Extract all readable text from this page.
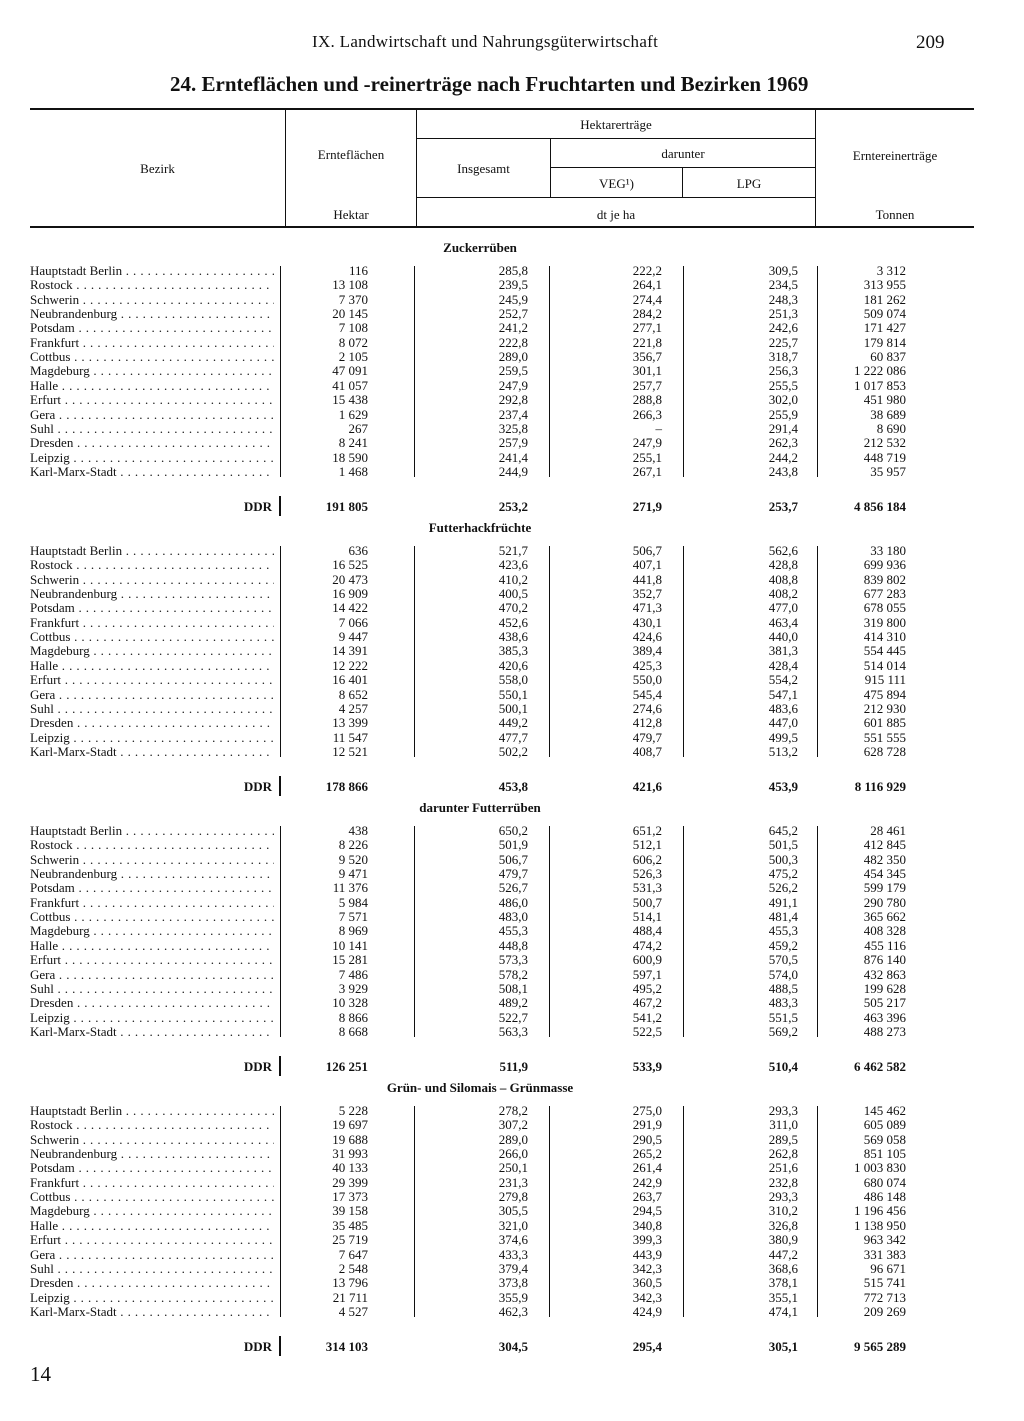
IX. Landwirtschaft und Nahrungsgüterwirtschaft	209
24. Ernteflächen und -reinerträge nach Fruchtarten und Bezirken 1969
Bezirk
Ernteflächen
Hektar
Hektarerträge
Insgesamt
darunter
VEG¹)	LPG
dt je ha
Erntereinerträge
Tonnen
Zuckerrüben
Hauptstadt Berlin . . .	116	285,8	222,2	309,5	3 312
Rostock . . .	13 108	239,5	264,1	234,5	313 955
Schwerin . . .	7 370	245,9	274,4	248,3	181 262
Neubrandenburg . . .	20 145	252,7	284,2	251,3	509 074
Potsdam . . .	7 108	241,2	277,1	242,6	171 427
Frankfurt . . .	8 072	222,8	221,8	225,7	179 814
Cottbus . . .	2 105	289,0	356,7	318,7	60 837
Magdeburg . . .	47 091	259,5	301,1	256,3	1 222 086
Halle . . .	41 057	247,9	257,7	255,5	1 017 853
Erfurt . . .	15 438	292,8	288,8	302,0	451 980
Gera . . .	1 629	237,4	266,3	255,9	38 689
Suhl . . .	267	325,8	–	291,4	8 690
Dresden . . .	8 241	257,9	247,9	262,3	212 532
Leipzig . . .	18 590	241,4	255,1	244,2	448 719
Karl-Marx-Stadt . . .	1 468	244,9	267,1	243,8	35 957
DDR	191 805	253,2	271,9	253,7	4 856 184
Futterhackfrüchte
Hauptstadt Berlin . . .	636	521,7	506,7	562,6	33 180
Rostock . . .	16 525	423,6	407,1	428,8	699 936
Schwerin . . .	20 473	410,2	441,8	408,8	839 802
Neubrandenburg . . .	16 909	400,5	352,7	408,2	677 283
Potsdam . . .	14 422	470,2	471,3	477,0	678 055
Frankfurt . . .	7 066	452,6	430,1	463,4	319 800
Cottbus . . .	9 447	438,6	424,6	440,0	414 310
Magdeburg . . .	14 391	385,3	389,4	381,3	554 445
Halle . . .	12 222	420,6	425,3	428,4	514 014
Erfurt . . .	16 401	558,0	550,0	554,2	915 111
Gera . . .	8 652	550,1	545,4	547,1	475 894
Suhl . . .	4 257	500,1	274,6	483,6	212 930
Dresden . . .	13 399	449,2	412,8	447,0	601 885
Leipzig . . .	11 547	477,7	479,7	499,5	551 555
Karl-Marx-Stadt . . .	12 521	502,2	408,7	513,2	628 728
DDR	178 866	453,8	421,6	453,9	8 116 929
darunter Futterrüben
Hauptstadt Berlin . . .	438	650,2	651,2	645,2	28 461
Rostock . . .	8 226	501,9	512,1	501,5	412 845
Schwerin . . .	9 520	506,7	606,2	500,3	482 350
Neubrandenburg . . .	9 471	479,7	526,3	475,2	454 345
Potsdam . . .	11 376	526,7	531,3	526,2	599 179
Frankfurt . . .	5 984	486,0	500,7	491,1	290 780
Cottbus . . .	7 571	483,0	514,1	481,4	365 662
Magdeburg . . .	8 969	455,3	488,4	455,3	408 328
Halle . . .	10 141	448,8	474,2	459,2	455 116
Erfurt . . .	15 281	573,3	600,9	570,5	876 140
Gera . . .	7 486	578,2	597,1	574,0	432 863
Suhl . . .	3 929	508,1	495,2	488,5	199 628
Dresden . . .	10 328	489,2	467,2	483,3	505 217
Leipzig . . .	8 866	522,7	541,2	551,5	463 396
Karl-Marx-Stadt . . .	8 668	563,3	522,5	569,2	488 273
DDR	126 251	511,9	533,9	510,4	6 462 582
Grün- und Silomais – Grünmasse
Hauptstadt Berlin . . .	5 228	278,2	275,0	293,3	145 462
Rostock . . .	19 697	307,2	291,9	311,0	605 089
Schwerin . . .	19 688	289,0	290,5	289,5	569 058
Neubrandenburg . . .	31 993	266,0	265,2	262,8	851 105
Potsdam . . .	40 133	250,1	261,4	251,6	1 003 830
Frankfurt . . .	29 399	231,3	242,9	232,8	680 074
Cottbus . . .	17 373	279,8	263,7	293,3	486 148
Magdeburg . . .	39 158	305,5	294,5	310,2	1 196 456
Halle . . .	35 485	321,0	340,8	326,8	1 138 950
Erfurt . . .	25 719	374,6	399,3	380,9	963 342
Gera . . .	7 647	433,3	443,9	447,2	331 383
Suhl . . .	2 548	379,4	342,3	368,6	96 671
Dresden . . .	13 796	373,8	360,5	378,1	515 741
Leipzig . . .	21 711	355,9	342,3	355,1	772 713
Karl-Marx-Stadt . . .	4 527	462,3	424,9	474,1	209 269
DDR	314 103	304,5	295,4	305,1	9 565 289
14
